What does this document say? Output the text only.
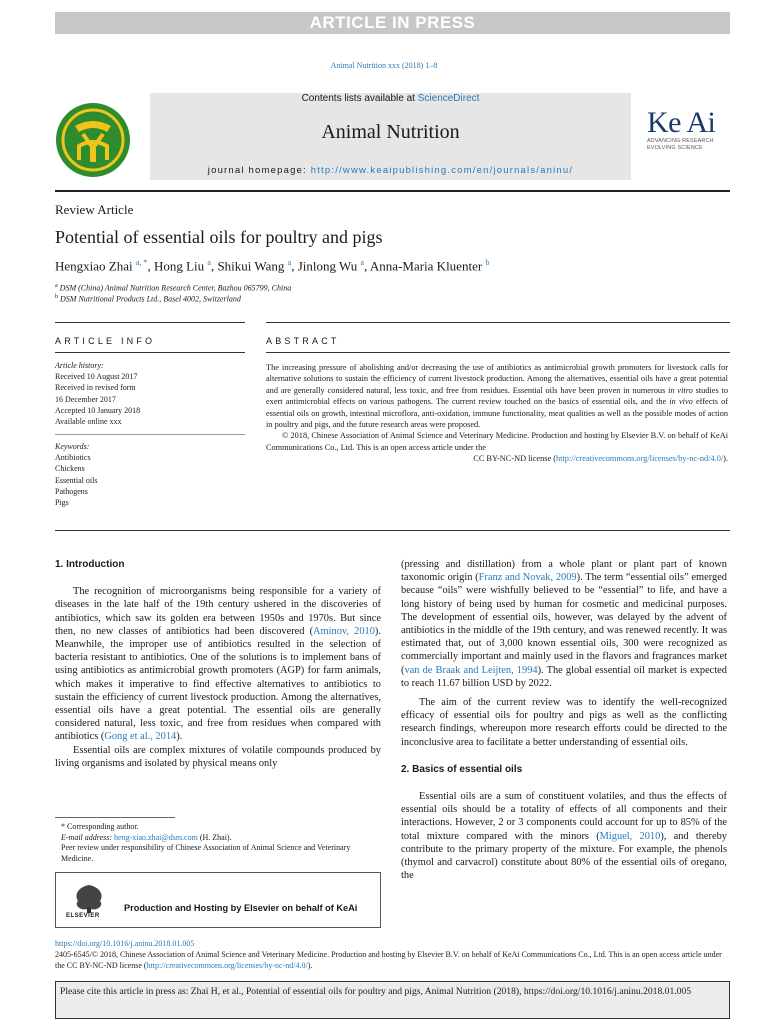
ARTICLE IN PRESS
Animal Nutrition xxx (2018) 1–8
Contents lists available at ScienceDirect
Animal Nutrition
journal homepage: http://www.keaipublishing.com/en/journals/aninu/
Ke Ai
ADVANCING RESEARCH
EVOLVING SCIENCE
Review Article
Potential of essential oils for poultry and pigs
Hengxiao Zhai $^{a, *}$, Hong Liu $^a$, Shikui Wang $^a$, Jinlong Wu $^a$, Anna-Maria Kluenter $^b$
$^a$ DSM (China) Animal Nutrition Research Center, Bazhou 065799, China
$^b$ DSM Nutritional Products Ltd., Basel 4002, Switzerland
ARTICLE INFO	ABSTRACT
Article history:
Received 10 August 2017
Received in revised form
16 December 2017
Accepted 10 January 2018
Available online xxx
Keywords:
Antibiotics
Chickens
Essential oils
Pathogens
Pigs

The increasing pressure of abolishing and/or decreasing the use of antibiotics as antimicrobial growth promoters for livestock calls for alternative solutions to sustain the efficiency of current livestock production. Among the alternatives, essential oils have a great potential and are generally considered natural, less toxic, and free from residues. Essential oils have been proven in numerous in vitro studies to exert antimicrobial effects on various pathogens. The current review touched on the basics of essential oils, and the in vivo effects of essential oils on growth, intestinal microflora, anti-oxidation, immune functionality, meat qualities as well as the possible modes of action in poultry and pigs, and the future research areas were proposed.

© 2018, Chinese Association of Animal Science and Veterinary Medicine. Production and hosting by Elsevier B.V. on behalf of KeAi Communications Co., Ltd. This is an open access article under the

CC BY-NC-ND license (http://creativecommons.org/licenses/by-nc-nd/4.0/).

1. Introduction

The recognition of microorganisms being responsible for a variety of diseases in the late half of the 19th century ushered in the discoveries of antibiotics, which saw its golden era between 1950s and 1970s. But since then, no new classes of antibiotics had been discovered (Aminov, 2010). Meanwhile, the improper use of antibiotics resulted in the selection of bacteria resistant to antibiotics. One of the solutions is to implement bans of using antibiotics as antimicrobial growth promoters (AGP) for farm animals, which makes it imperative to find effective alternatives to antibiotics to sustain the efficiency of current livestock production. Among the alternatives, essential oils have a great potential. The essential oils are generally considered natural, less toxic, and free from residues when compared with antibiotics (Gong et al., 2014).

Essential oils are complex mixtures of volatile compounds produced by living organisms and isolated by physical means only

(pressing and distillation) from a whole plant or plant part of known taxonomic origin (Franz and Novak, 2009). The term “essential oils” emerged because “oils” were wishfully believed to be “essential” to life, and have a long history of being used by human for cosmetic and medicinal purposes. The development of essential oils, however, was delayed by the advent of antibiotics in the middle of the 19th century, and was renewed recently. It was estimated that, out of 3,000 known essential oils, 300 were recognized as commercially important and mainly used in the flavors and fragrances market (van de Braak and Leijten, 1994). The global essential oil market is expected to reach 11.67 billion USD by 2022.

The aim of the current review was to identify the well-recognized efficacy of essential oils for poultry and pigs as well as the conflicting research findings, whereupon more research efforts could be directed to the inconclusive area to facilitate a better understanding of essential oils.

2. Basics of essential oils

Essential oils are a sum of constituent volatiles, and thus the effects of essential oils should be a totality of effects of all components and their interactions. However, 2 or 3 components could account for up to 85% of the total mixture compared with the minors (Miguel, 2010), and thereby contribute to the primary property of the mixture. For example, the phenols (thymol and carvacrol) constitute about 80% of the essential oils of oregano, the

* Corresponding author.
E-mail address: heng-xiao.zhai@dsm.com (H. Zhai).
Peer review under responsibility of Chinese Association of Animal Science and Veterinary Medicine.
ELSEVIER
Production and Hosting by Elsevier on behalf of KeAi
https://doi.org/10.1016/j.aninu.2018.01.005
2405-6545/© 2018, Chinese Association of Animal Science and Veterinary Medicine. Production and hosting by Elsevier B.V. on behalf of KeAi Communications Co., Ltd. This is an open access article under the CC BY-NC-ND license (http://creativecommons.org/licenses/by-nc-nd/4.0/).
Please cite this article in press as: Zhai H, et al., Potential of essential oils for poultry and pigs, Animal Nutrition (2018), https://doi.org/10.1016/j.aninu.2018.01.005
